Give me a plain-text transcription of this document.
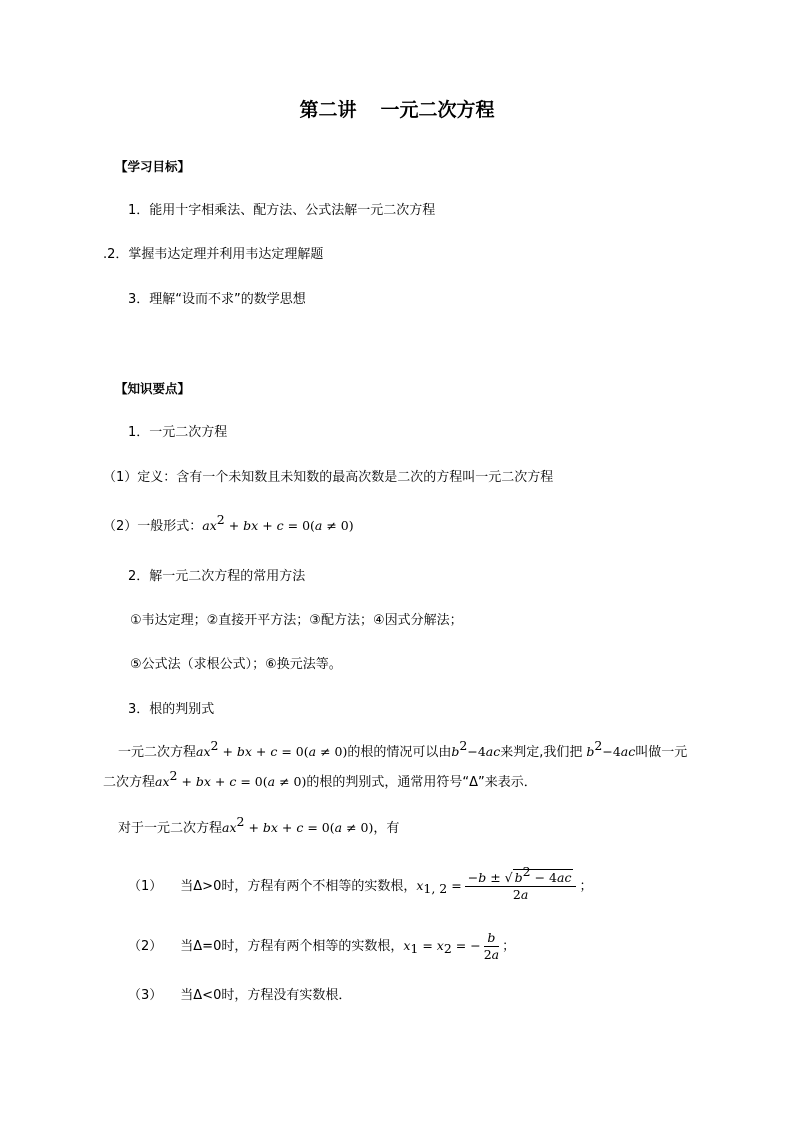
第二讲 一元二次方程
【学习目标】
1．能用十字相乘法、配方法、公式法解一元二次方程
.2．掌握韦达定理并利用韦达定理解题
3．理解“设而不求”的数学思想
【知识要点】
1．一元二次方程
（1）定义：含有一个未知数且未知数的最高次数是二次的方程叫一元二次方程
（2）一般形式：$ax^2$ + bx + c = 0(a ≠ 0)
2．解一元二次方程的常用方法
①韦达定理；②直接开平方法；③配方法；④因式分解法；
⑤公式法（求根公式）；⑥换元法等。
3．根的判别式
一元二次方程$ax^2$ + bx + c = 0(a ≠ 0)的根的情况可以由$b^2-4ac$来判定,我们把 $b^2-4ac$叫做一元
二次方程$ax^2$ + bx + c = 0(a ≠ 0)的根的判别式，通常用符号“Δ”来表示．
对于一元二次方程$ax^2$ + bx + c = 0(a ≠ 0)，有
（1） 当Δ>0时，方程有两个不相等的实数根，$x_{1, 2} = \frac{-b \pm √ b^2 - 4ac}{2a}$ ；
（2） 当Δ=0时，方程有两个相等的实数根，$x_1 = x_2$ = − $\frac{b}{2a}$ ；
（3） 当Δ<0时，方程没有实数根．
